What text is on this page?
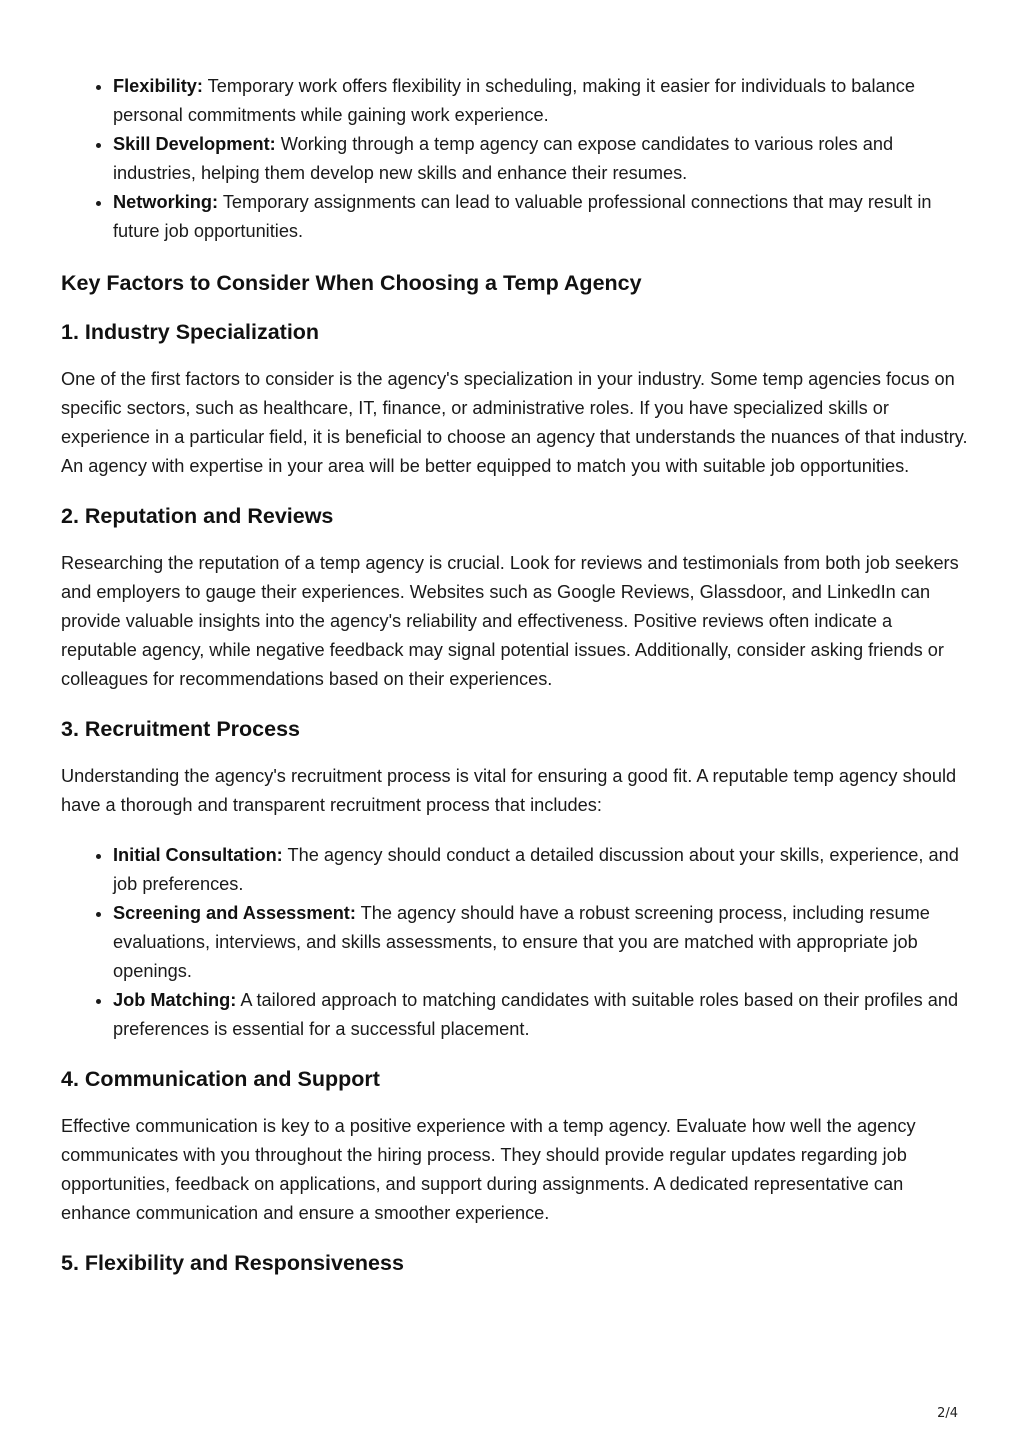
• Flexibility: Temporary work offers flexibility in scheduling, making it easier for individuals to balance personal commitments while gaining work experience.
• Skill Development: Working through a temp agency can expose candidates to various roles and industries, helping them develop new skills and enhance their resumes.
• Networking: Temporary assignments can lead to valuable professional connections that may result in future job opportunities.
Key Factors to Consider When Choosing a Temp Agency
1. Industry Specialization

One of the first factors to consider is the agency's specialization in your industry. Some temp agencies focus on specific sectors, such as healthcare, IT, finance, or administrative roles. If you have specialized skills or experience in a particular field, it is beneficial to choose an agency that understands the nuances of that industry. An agency with expertise in your area will be better equipped to match you with suitable job opportunities.

2. Reputation and Reviews

Researching the reputation of a temp agency is crucial. Look for reviews and testimonials from both job seekers and employers to gauge their experiences. Websites such as Google Reviews, Glassdoor, and LinkedIn can provide valuable insights into the agency's reliability and effectiveness. Positive reviews often indicate a reputable agency, while negative feedback may signal potential issues. Additionally, consider asking friends or colleagues for recommendations based on their experiences.

3. Recruitment Process

Understanding the agency's recruitment process is vital for ensuring a good fit. A reputable temp agency should have a thorough and transparent recruitment process that includes:

• Initial Consultation: The agency should conduct a detailed discussion about your skills, experience, and job preferences.
• Screening and Assessment: The agency should have a robust screening process, including resume evaluations, interviews, and skills assessments, to ensure that you are matched with appropriate job openings.
• Job Matching: A tailored approach to matching candidates with suitable roles based on their profiles and preferences is essential for a successful placement.
4. Communication and Support

Effective communication is key to a positive experience with a temp agency. Evaluate how well the agency communicates with you throughout the hiring process. They should provide regular updates regarding job opportunities, feedback on applications, and support during assignments. A dedicated representative can enhance communication and ensure a smoother experience.

5. Flexibility and Responsiveness
2/4
